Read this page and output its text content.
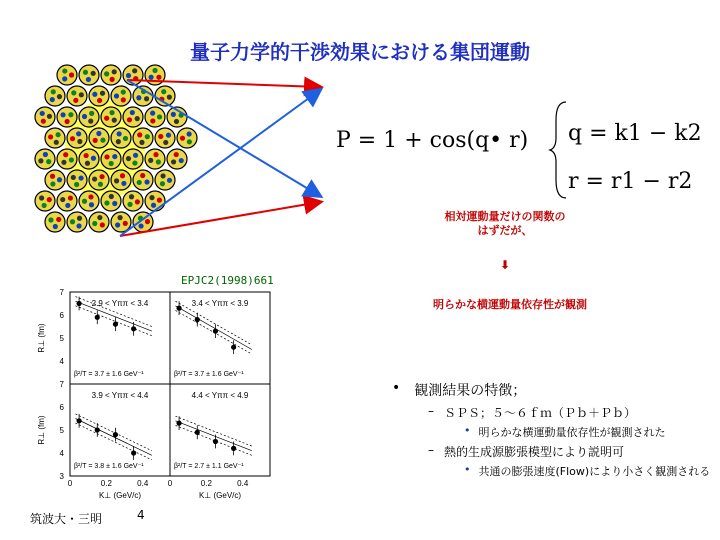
量子力学的干渉効果における集団運動
P = 1 + cos(q• r) q = k1 − k2
r = r1 − r2
相対運動量だけの関数の
はずだが、
⬇
明らかな横運動量依存性が観測
EPJC2(1998)661
2.9 < Yππ < 3.4
β²/T = 3.7 ± 1.6 GeV⁻¹
4
5
6
7
R⊥ (fm)
3.4 < Yππ < 3.9
β²/T = 3.7 ± 1.6 GeV⁻¹
3.9 < Yππ < 4.4
β²/T = 3.8 ± 1.6 GeV⁻¹
3
4
5
6
7
R⊥ (fm)
0	0.2	0.4
K⊥ (GeV/c)
4.4 < Yππ < 4.9
β²/T = 2.7 ± 1.1 GeV⁻¹
0	0.2	0.4
K⊥ (GeV/c)
• 観測結果の特徴；
– ＳＰＳ；５～６ｆｍ（Ｐｂ＋Ｐｂ）
• 明らかな横運動量依存性が観測された
– 熱的生成源膨張模型により説明可
• 共通の膨張速度(Flow)により小さく観測される
筑波大・三明	4
